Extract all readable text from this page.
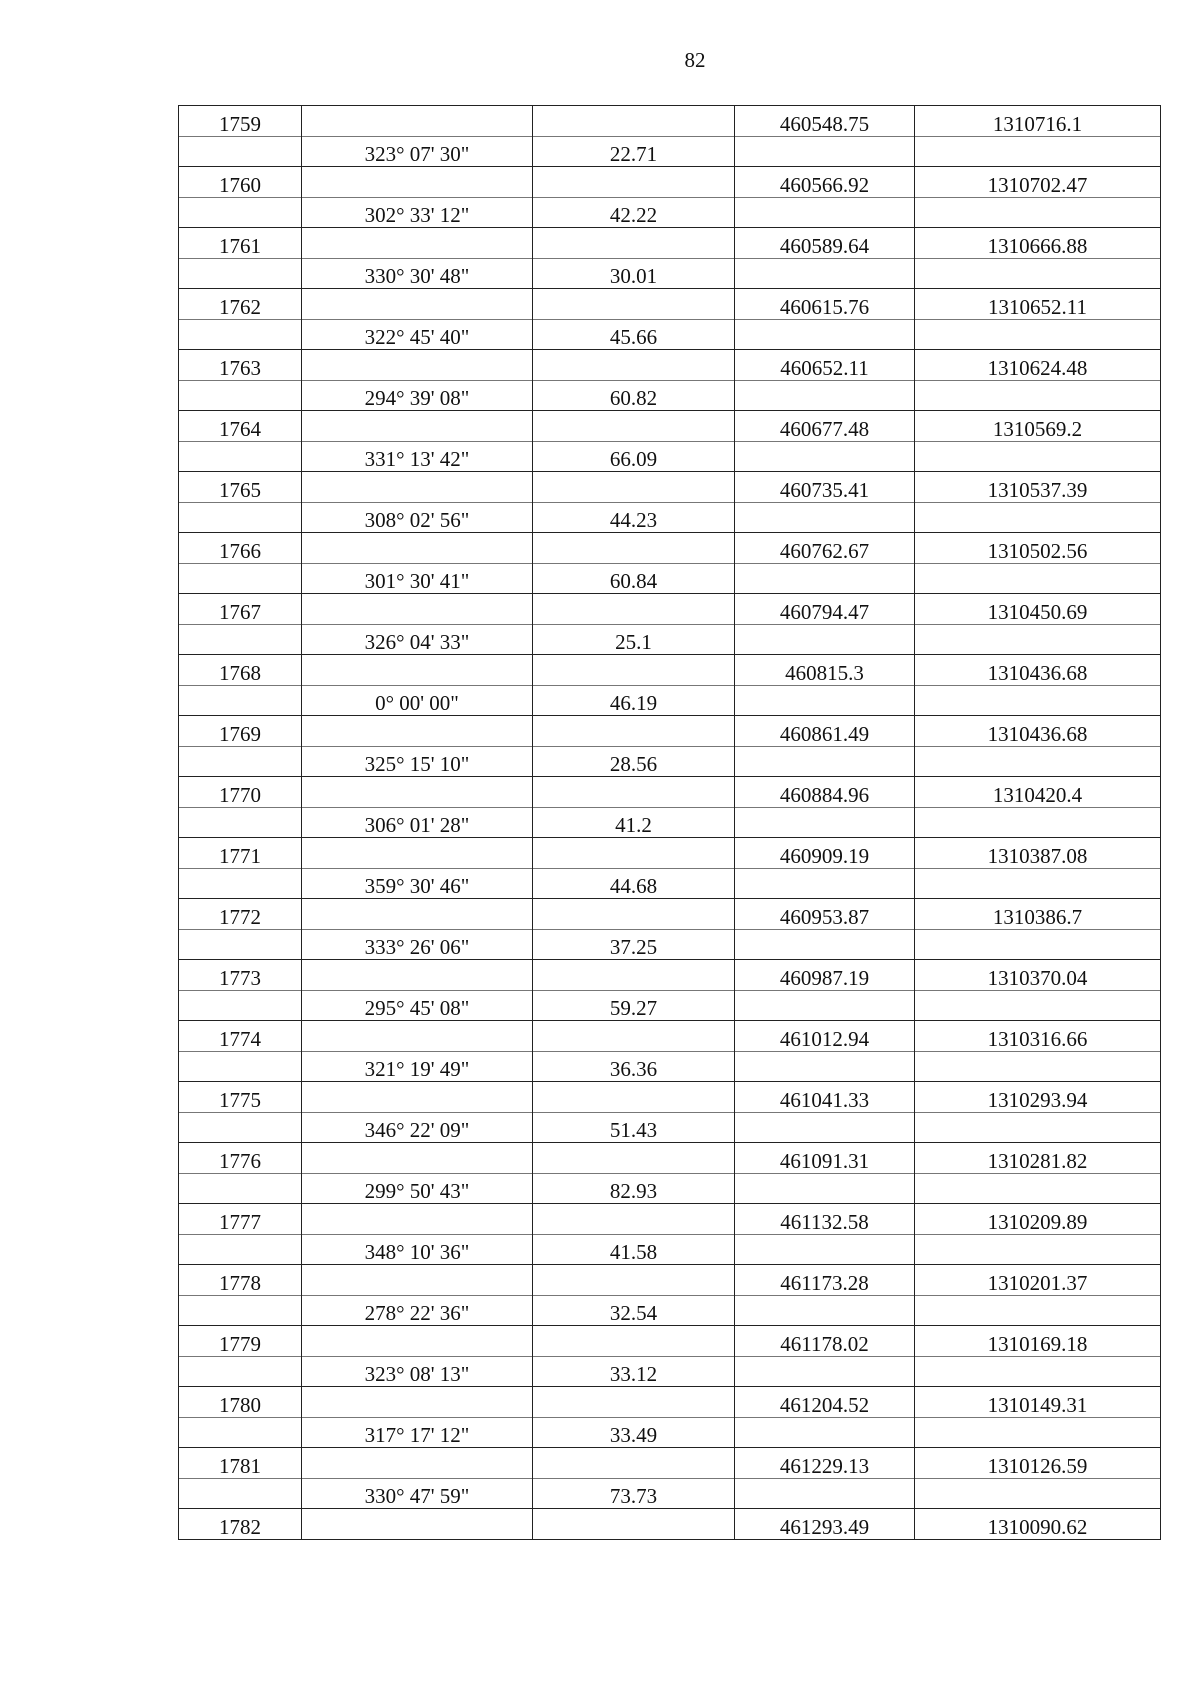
82
1759			460548.75	1310716.1
	323° 07' 30"	22.71		
1760			460566.92	1310702.47
	302° 33' 12"	42.22		
1761			460589.64	1310666.88
	330° 30' 48"	30.01		
1762			460615.76	1310652.11
	322° 45' 40"	45.66		
1763			460652.11	1310624.48
	294° 39' 08"	60.82		
1764			460677.48	1310569.2
	331° 13' 42"	66.09		
1765			460735.41	1310537.39
	308° 02' 56"	44.23		
1766			460762.67	1310502.56
	301° 30' 41"	60.84		
1767			460794.47	1310450.69
	326° 04' 33"	25.1		
1768			460815.3	1310436.68
	0° 00' 00"	46.19		
1769			460861.49	1310436.68
	325° 15' 10"	28.56		
1770			460884.96	1310420.4
	306° 01' 28"	41.2		
1771			460909.19	1310387.08
	359° 30' 46"	44.68		
1772			460953.87	1310386.7
	333° 26' 06"	37.25		
1773			460987.19	1310370.04
	295° 45' 08"	59.27		
1774			461012.94	1310316.66
	321° 19' 49"	36.36		
1775			461041.33	1310293.94
	346° 22' 09"	51.43		
1776			461091.31	1310281.82
	299° 50' 43"	82.93		
1777			461132.58	1310209.89
	348° 10' 36"	41.58		
1778			461173.28	1310201.37
	278° 22' 36"	32.54		
1779			461178.02	1310169.18
	323° 08' 13"	33.12		
1780			461204.52	1310149.31
	317° 17' 12"	33.49		
1781			461229.13	1310126.59
	330° 47' 59"	73.73		
1782			461293.49	1310090.62
